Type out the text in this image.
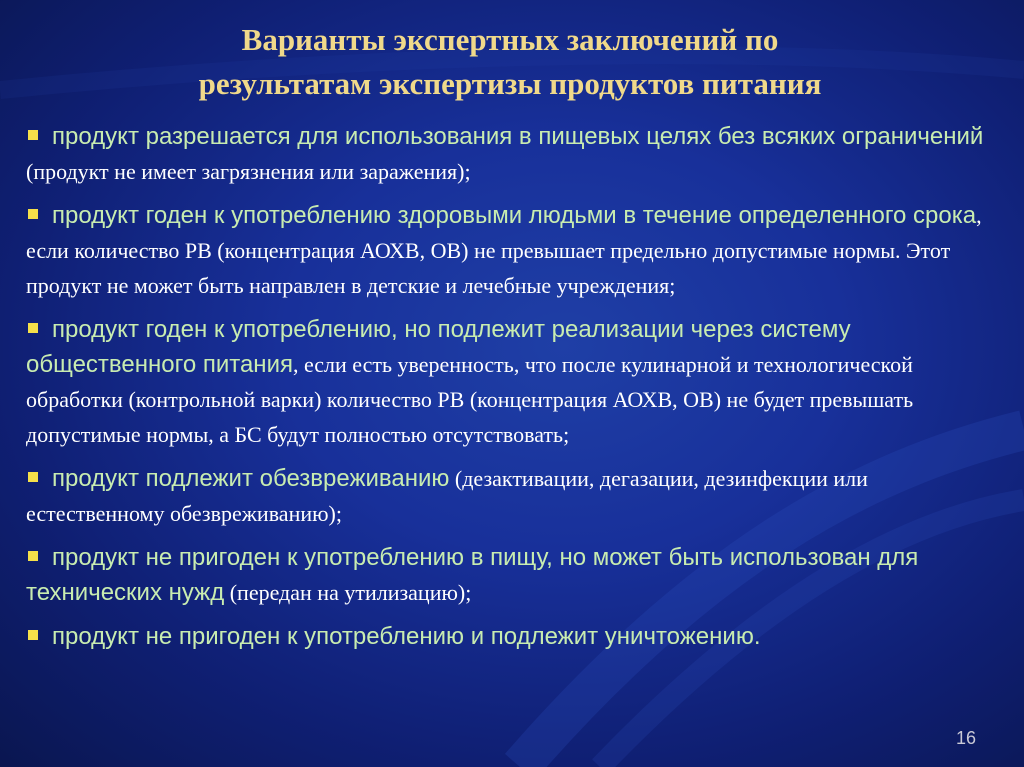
Варианты экспертных заключений по
результатам экспертизы продуктов питания
продукт разрешается для использования в пищевых целях без всяких ограничений (продукт не имеет загрязнения или заражения);
продукт годен к употреблению здоровыми людьми в течение определенного срока, если количество РВ (концентрация АОХВ, ОВ) не превышает предельно допустимые нормы. Этот продукт не может быть направлен в детские и лечебные учреждения;
продукт годен к употреблению, но подлежит реализации через систему общественного питания, если есть уверенность, что после кулинарной и технологической обработки (контрольной варки) количество РВ (концентрация АОХВ, ОВ) не будет превышать допустимые нормы, а БС будут полностью отсутствовать;
продукт подлежит обезвреживанию (дезактивации, дегазации, дезинфекции или естественному обезвреживанию);
продукт не пригоден к употреблению в пищу, но может быть использован для технических нужд (передан на утилизацию);
продукт не пригоден к употреблению и подлежит уничтожению.
16
